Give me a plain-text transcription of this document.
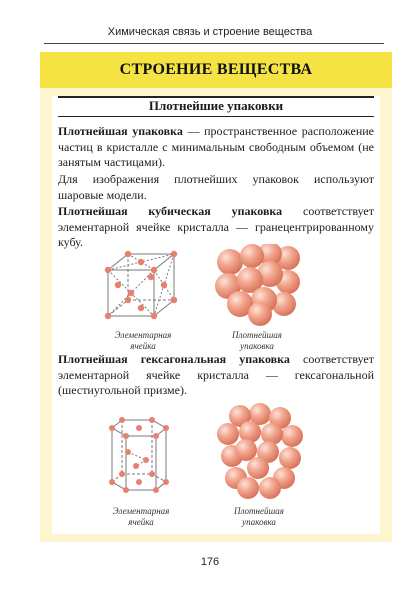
Химическая связь и строение вещества
СТРОЕНИЕ ВЕЩЕСТВА
Плотнейшие упаковки
Плотнейшая упаковка — пространственное расположение частиц в кристалле с минимальным свободным объемом (не занятым частицами).
Для изображения плотнейших упаковок используют шаровые модели.
Плотнейшая кубическая упаковка соответствует элементарной ячейке кристалла — гранецентрированному кубу.
Элементарная
ячейка
Плотнейшая
упаковка
Плотнейшая гексагональная упаковка соответствует элементарной ячейке кристалла — гексагональной (шестиугольной призме).
Элементарная
ячейка
Плотнейшая
упаковка
176
